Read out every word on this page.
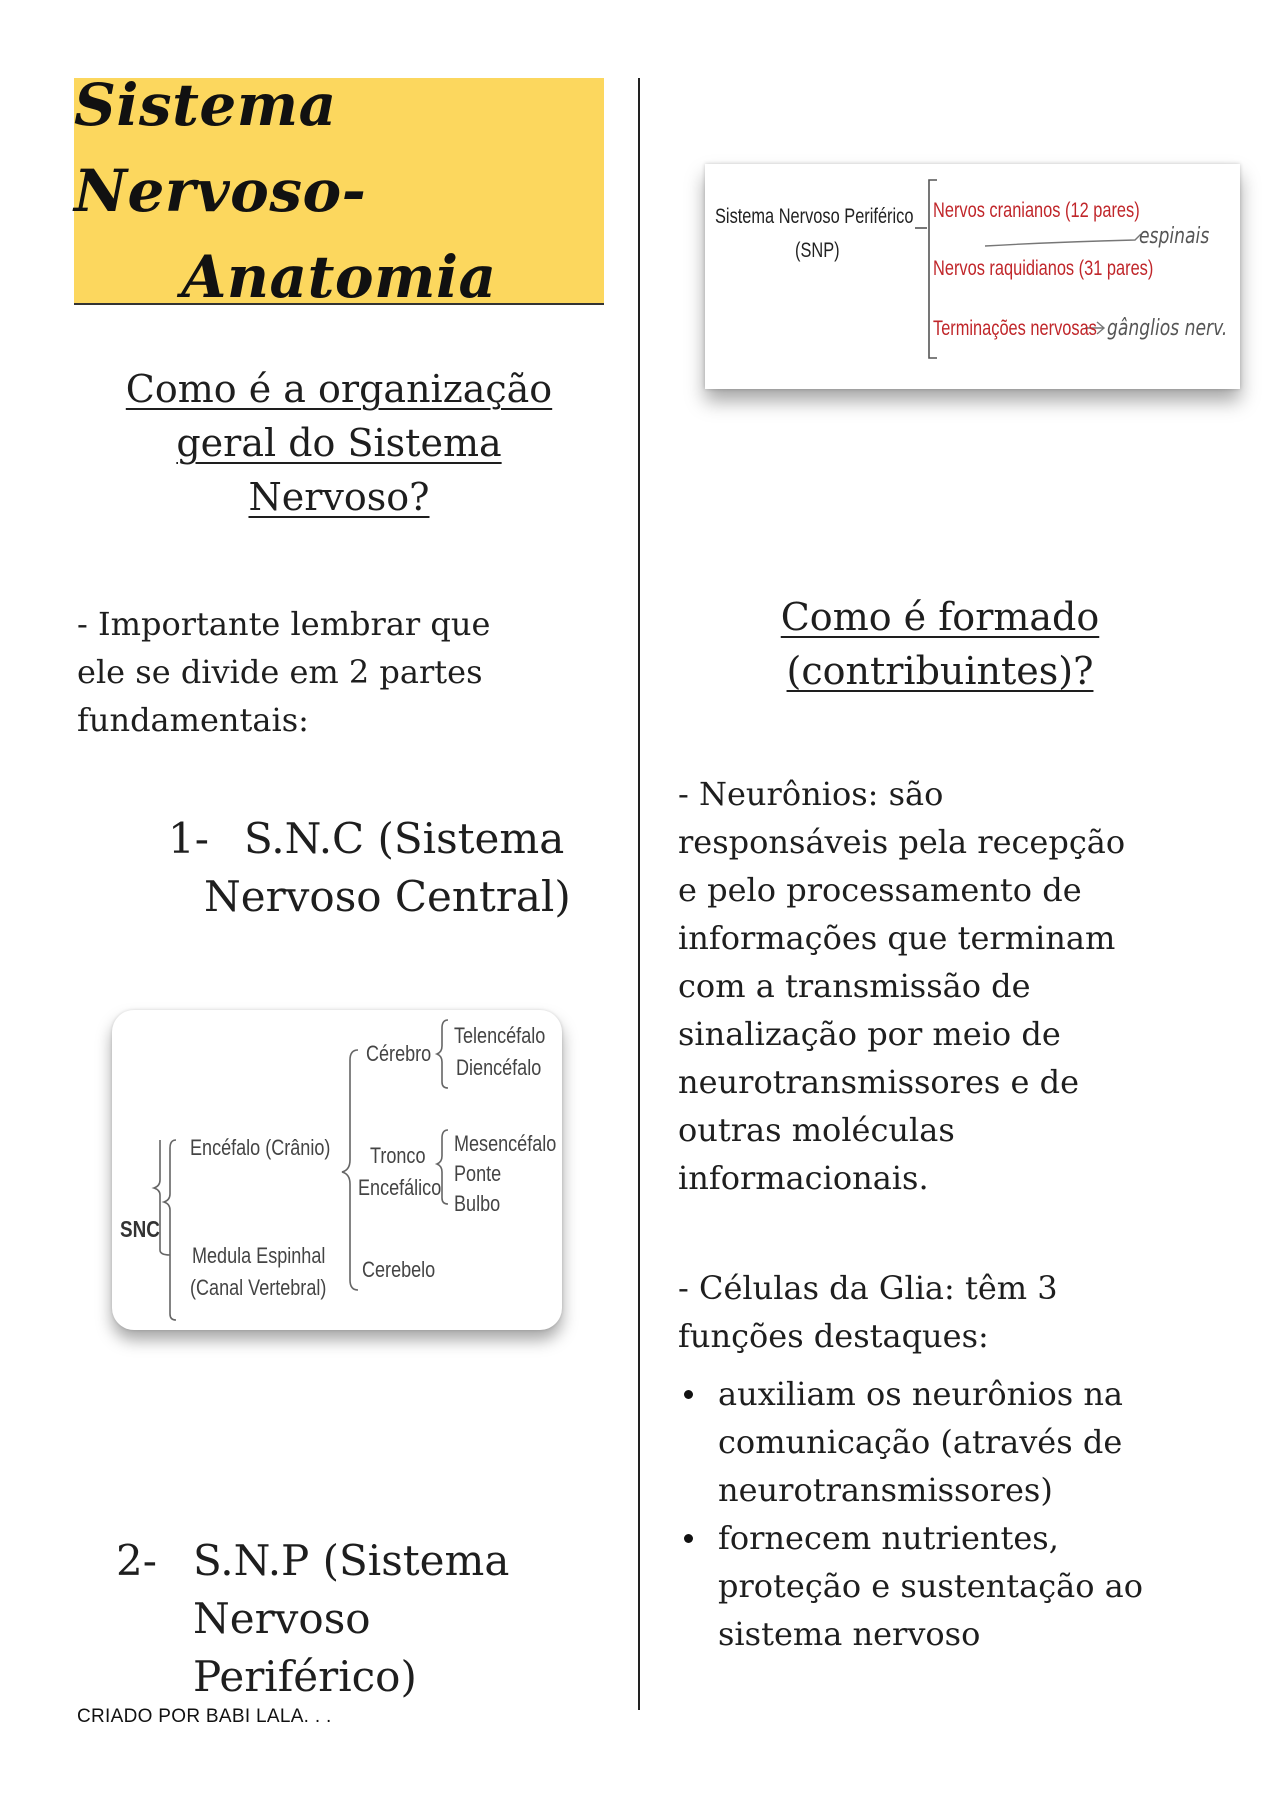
Sistema Nervoso-
Anatomia
Como é a organização
geral do Sistema
Nervoso?
- Importante lembrar que
ele se divide em 2 partes
fundamentais:
1- S.N.C (Sistema
Nervoso Central)
SNC
Encéfalo (Crânio)
Medula Espinhal
(Canal Vertebral)
Cérebro
Telencéfalo
Diencéfalo
Tronco
Encefálico
Mesencéfalo
Ponte
Bulbo
Cerebelo
2- S.N.P (Sistema
Nervoso
Periférico)
CRIADO POR BABI LALA. . .
Sistema Nervoso Periférico
(SNP)
Nervos cranianos (12 pares)
Nervos raquidianos (31 pares)
Terminações nervosas
espinais
gânglios nerv.
Como é formado
(contribuintes)?
- Neurônios: são
responsáveis pela recepção
e pelo processamento de
informações que terminam
com a transmissão de
sinalização por meio de
neurotransmissores e de
outras moléculas
informacionais.
- Células da Glia: têm 3
funções destaques:
auxiliam os neurônios na
comunicação (através de
neurotransmissores)
fornecem nutrientes,
proteção e sustentação ao
sistema nervoso
